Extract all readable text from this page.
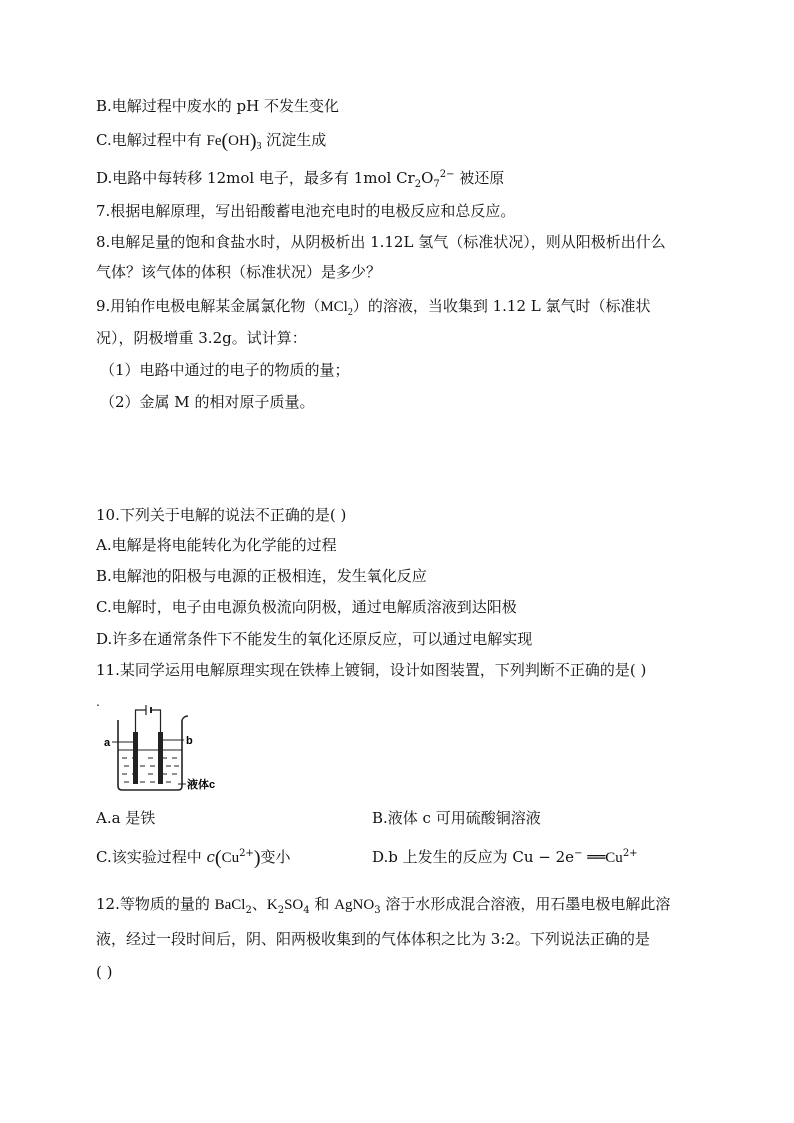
B.电解过程中废水的 pH 不发生变化
C.电解过程中有 $Fe(OH)_3$ 沉淀生成
D.电路中每转移 12mol 电子，最多有 1mol $Cr_2O_7^{2-}$ 被还原
7.根据电解原理，写出铅酸蓄电池充电时的电极反应和总反应。
8.电解足量的饱和食盐水时，从阴极析出 1.12L 氢气（标准状况），则从阳极析出什么
气体？该气体的体积（标准状况）是多少？
9.用铂作电极电解某金属氯化物（MCl$_2$）的溶液，当收集到 1.12 L 氯气时（标准状
况），阴极增重 3.2g。试计算：
（1）电路中通过的电子的物质的量；
（2）金属 M 的相对原子质量。
10.下列关于电解的说法不正确的是( )
A.电解是将电能转化为化学能的过程
B.电解池的阳极与电源的正极相连，发生氧化反应
C.电解时，电子由电源负极流向阴极，通过电解质溶液到达阳极
D.许多在通常条件下不能发生的氧化还原反应，可以通过电解实现
11.某同学运用电解原理实现在铁棒上镀铜，设计如图装置，下列判断不正确的是( )
.
a	b
液体c
A.a 是铁	B.液体 c 可用硫酸铜溶液
C.该实验过程中 $c(Cu^{2+})$变小	D.b 上发生的反应为 Cu − 2e− $══Cu^{2+}$
12.等物质的量的 BaCl$_2$、$K_2SO_4$ 和 AgNO$_3$ 溶于水形成混合溶液，用石墨电极电解此溶
液，经过一段时间后，阴、阳两极收集到的气体体积之比为 3:2。下列说法正确的是
( )
